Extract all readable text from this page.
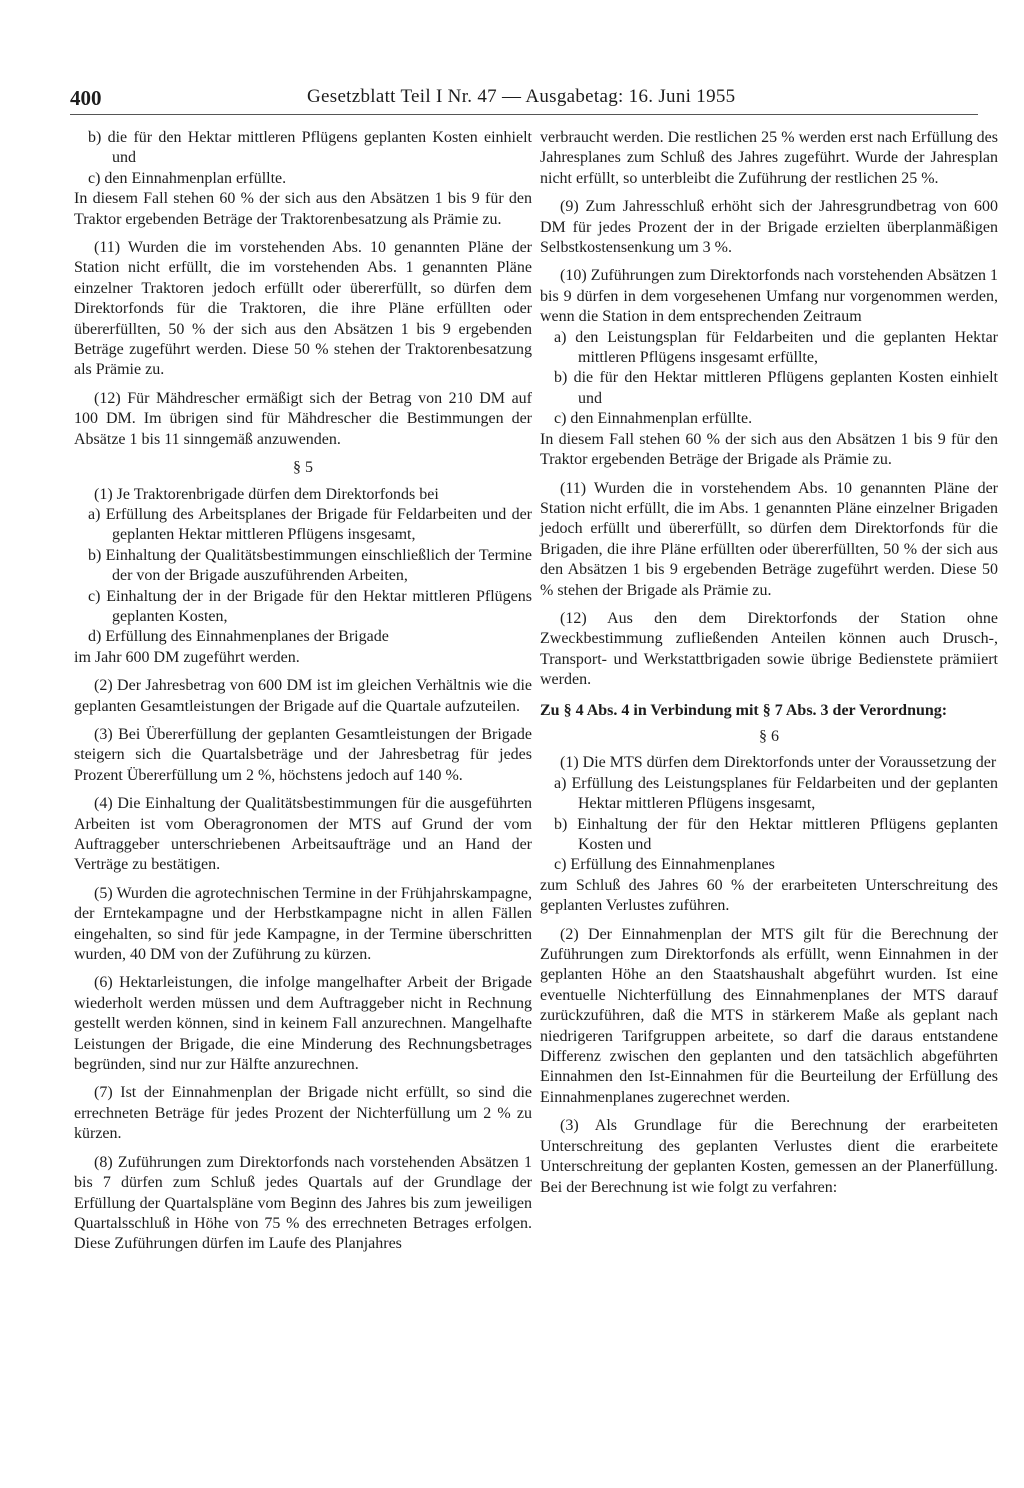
400	Gesetzblatt Teil I Nr. 47 — Ausgabetag: 16. Juni 1955

b) die für den Hektar mittleren Pflügens geplanten Kosten einhielt und

c) den Einnahmenplan erfüllte.

In diesem Fall stehen 60 % der sich aus den Absätzen 1 bis 9 für den Traktor ergebenden Beträge der Traktorenbesatzung als Prämie zu.

(11) Wurden die im vorstehenden Abs. 10 genannten Pläne der Station nicht erfüllt, die im vorstehenden Abs. 1 genannten Pläne einzelner Traktoren jedoch erfüllt oder übererfüllt, so dürfen dem Direktorfonds für die Traktoren, die ihre Pläne erfüllten oder übererfüllten, 50 % der sich aus den Absätzen 1 bis 9 ergebenden Beträge zugeführt werden. Diese 50 % stehen der Traktorenbesatzung als Prämie zu.

(12) Für Mähdrescher ermäßigt sich der Betrag von 210 DM auf 100 DM. Im übrigen sind für Mähdrescher die Bestimmungen der Absätze 1 bis 11 sinngemäß anzuwenden.

§ 5

(1) Je Traktorenbrigade dürfen dem Direktorfonds bei

a) Erfüllung des Arbeitsplanes der Brigade für Feldarbeiten und der geplanten Hektar mittleren Pflügens insgesamt,

b) Einhaltung der Qualitätsbestimmungen einschließlich der Termine der von der Brigade auszuführenden Arbeiten,

c) Einhaltung der in der Brigade für den Hektar mittleren Pflügens geplanten Kosten,

d) Erfüllung des Einnahmenplanes der Brigade

im Jahr 600 DM zugeführt werden.

(2) Der Jahresbetrag von 600 DM ist im gleichen Verhältnis wie die geplanten Gesamtleistungen der Brigade auf die Quartale aufzuteilen.

(3) Bei Übererfüllung der geplanten Gesamtleistungen der Brigade steigern sich die Quartalsbeträge und der Jahresbetrag für jedes Prozent Übererfüllung um 2 %, höchstens jedoch auf 140 %.

(4) Die Einhaltung der Qualitätsbestimmungen für die ausgeführten Arbeiten ist vom Oberagronomen der MTS auf Grund der vom Auftraggeber unterschriebenen Arbeitsaufträge und an Hand der Verträge zu bestätigen.

(5) Wurden die agrotechnischen Termine in der Frühjahrskampagne, der Erntekampagne und der Herbstkampagne nicht in allen Fällen eingehalten, so sind für jede Kampagne, in der Termine überschritten wurden, 40 DM von der Zuführung zu kürzen.

(6) Hektarleistungen, die infolge mangelhafter Arbeit der Brigade wiederholt werden müssen und dem Auftraggeber nicht in Rechnung gestellt werden können, sind in keinem Fall anzurechnen. Mangelhafte Leistungen der Brigade, die eine Minderung des Rechnungsbetrages begründen, sind nur zur Hälfte anzurechnen.

(7) Ist der Einnahmenplan der Brigade nicht erfüllt, so sind die errechneten Beträge für jedes Prozent der Nichterfüllung um 2 % zu kürzen.

(8) Zuführungen zum Direktorfonds nach vorstehenden Absätzen 1 bis 7 dürfen zum Schluß jedes Quartals auf der Grundlage der Erfüllung der Quartalspläne vom Beginn des Jahres bis zum jeweiligen Quartalsschluß in Höhe von 75 % des errechneten Betrages erfolgen. Diese Zuführungen dürfen im Laufe des Planjahres

verbraucht werden. Die restlichen 25 % werden erst nach Erfüllung des Jahresplanes zum Schluß des Jahres zugeführt. Wurde der Jahresplan nicht erfüllt, so unterbleibt die Zuführung der restlichen 25 %.

(9) Zum Jahresschluß erhöht sich der Jahresgrundbetrag von 600 DM für jedes Prozent der in der Brigade erzielten überplanmäßigen Selbstkostensenkung um 3 %.

(10) Zuführungen zum Direktorfonds nach vorstehenden Absätzen 1 bis 9 dürfen in dem vorgesehenen Umfang nur vorgenommen werden, wenn die Station in dem entsprechenden Zeitraum

a) den Leistungsplan für Feldarbeiten und die geplanten Hektar mittleren Pflügens insgesamt erfüllte,

b) die für den Hektar mittleren Pflügens geplanten Kosten einhielt und

c) den Einnahmenplan erfüllte.

In diesem Fall stehen 60 % der sich aus den Absätzen 1 bis 9 für den Traktor ergebenden Beträge der Brigade als Prämie zu.

(11) Wurden die in vorstehendem Abs. 10 genannten Pläne der Station nicht erfüllt, die im Abs. 1 genannten Pläne einzelner Brigaden jedoch erfüllt und übererfüllt, so dürfen dem Direktorfonds für die Brigaden, die ihre Pläne erfüllten oder übererfüllten, 50 % der sich aus den Absätzen 1 bis 9 ergebenden Beträge zugeführt werden. Diese 50 % stehen der Brigade als Prämie zu.

(12) Aus den dem Direktorfonds der Station ohne Zweckbestimmung zufließenden Anteilen können auch Drusch-, Transport- und Werkstattbrigaden sowie übrige Bedienstete prämiiert werden.

Zu § 4 Abs. 4 in Verbindung mit § 7 Abs. 3 der Verordnung:

§ 6

(1) Die MTS dürfen dem Direktorfonds unter der Voraussetzung der

a) Erfüllung des Leistungsplanes für Feldarbeiten und der geplanten Hektar mittleren Pflügens insgesamt,

b) Einhaltung der für den Hektar mittleren Pflügens geplanten Kosten und

c) Erfüllung des Einnahmenplanes

zum Schluß des Jahres 60 % der erarbeiteten Unterschreitung des geplanten Verlustes zuführen.

(2) Der Einnahmenplan der MTS gilt für die Berechnung der Zuführungen zum Direktorfonds als erfüllt, wenn Einnahmen in der geplanten Höhe an den Staatshaushalt abgeführt wurden. Ist eine eventuelle Nichterfüllung des Einnahmenplanes der MTS darauf zurückzuführen, daß die MTS in stärkerem Maße als geplant nach niedrigeren Tarifgruppen arbeitete, so darf die daraus entstandene Differenz zwischen den geplanten und den tatsächlich abgeführten Einnahmen den Ist-Einnahmen für die Beurteilung der Erfüllung des Einnahmenplanes zugerechnet werden.

(3) Als Grundlage für die Berechnung der erarbeiteten Unterschreitung des geplanten Verlustes dient die erarbeitete Unterschreitung der geplanten Kosten, gemessen an der Planerfüllung. Bei der Berechnung ist wie folgt zu verfahren:
